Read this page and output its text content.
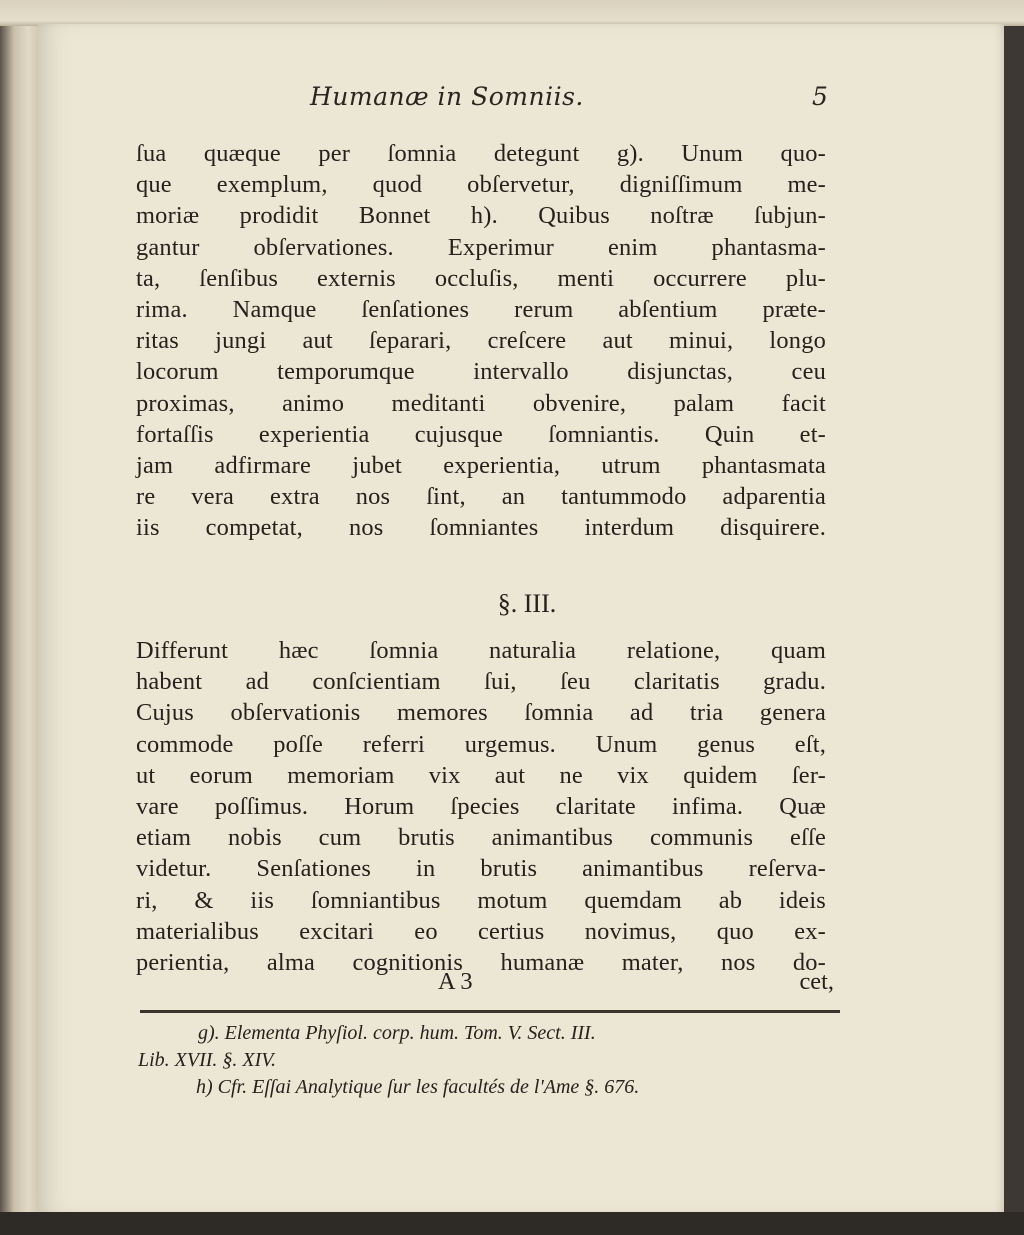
Humanæ in Somniis.	5
ſua quæque per ſomnia detegunt g). Unum quo-
que exemplum, quod obſervetur, digniſſimum me-
moriæ prodidit Bonnet h). Quibus noſtræ ſubjun-
gantur obſervationes. Experimur enim phantasma-
ta, ſenſibus externis occluſis, menti occurrere plu-
rima. Namque ſenſationes rerum abſentium præte-
ritas jungi aut ſeparari, creſcere aut minui, longo
locorum temporumque intervallo disjunctas, ceu
proximas, animo meditanti obvenire, palam facit
fortaſſis experientia cujusque ſomniantis. Quin et-
jam adfirmare jubet experientia, utrum phantasmata
re vera extra nos ſint, an tantummodo adparentia
iis competat, nos ſomniantes interdum disquirere.
§. III.
Differunt hæc ſomnia naturalia relatione, quam
habent ad conſcientiam ſui, ſeu claritatis gradu.
Cujus obſervationis memores ſomnia ad tria genera
commode poſſe referri urgemus. Unum genus eſt,
ut eorum memoriam vix aut ne vix quidem ſer-
vare poſſimus. Horum ſpecies claritate infima. Quæ
etiam nobis cum brutis animantibus communis eſſe
videtur. Senſationes in brutis animantibus reſerva-
ri, & iis ſomniantibus motum quemdam ab ideis
materialibus excitari eo certius novimus, quo ex-
perientia, alma cognitionis humanæ mater, nos do-
A 3	cet,
g). Elementa Phyſiol. corp. hum. Tom. V. Sect. III.
Lib. XVII. §. XIV.
h) Cfr. Eſſai Analytique ſur les facultés de l'Ame §. 676.
